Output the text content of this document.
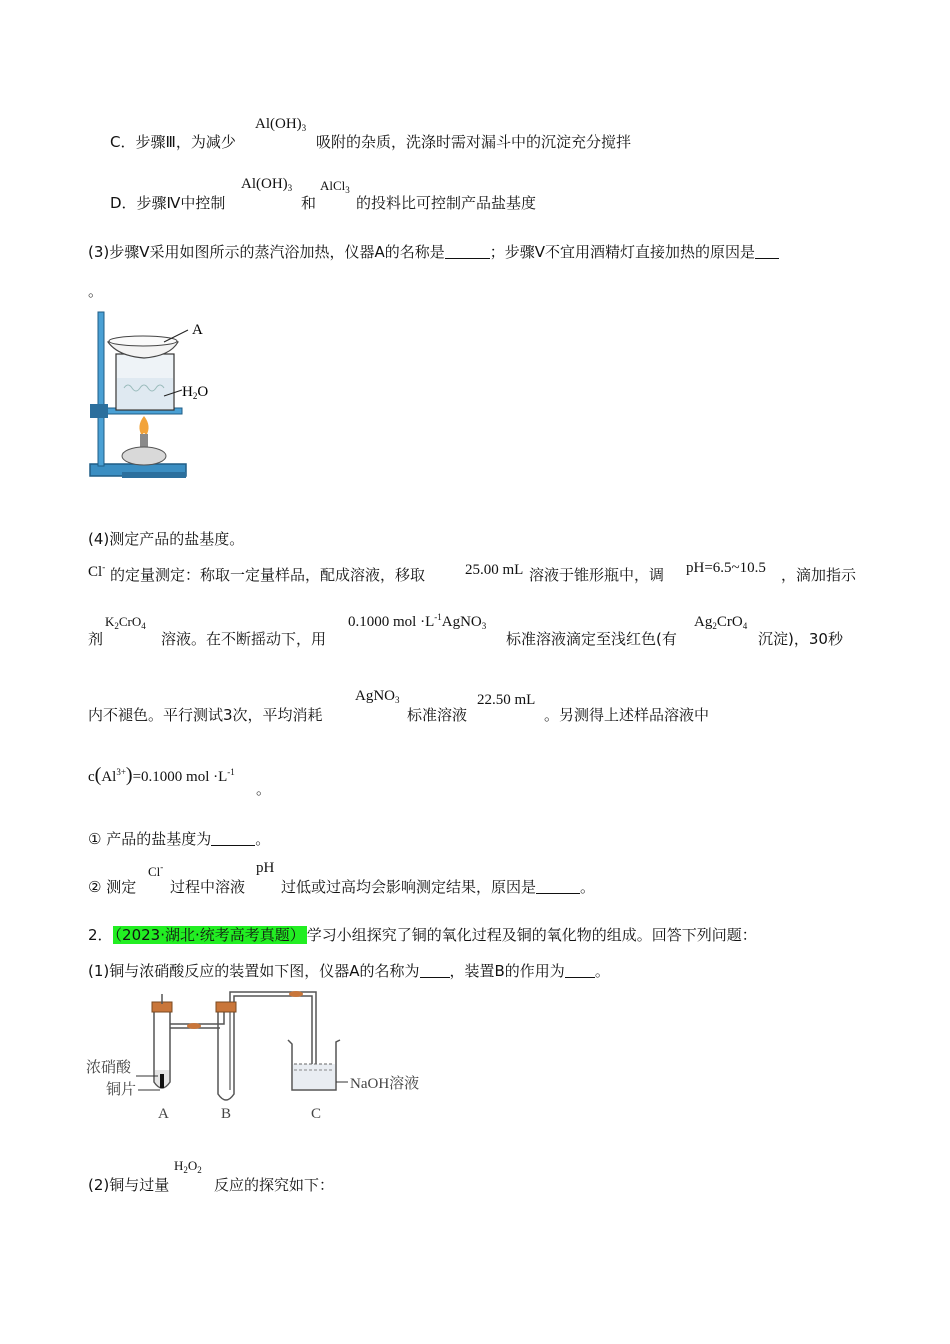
C．步骤Ⅲ，为减少
$Al(OH)_3$
吸附的杂质，洗涤时需对漏斗中的沉淀充分搅拌
D．步骤Ⅳ中控制
$Al(OH)_3$
和
AlCl$_3$
的投料比可控制产品盐基度
(3)步骤Ⅴ采用如图所示的蒸汽浴加热，仪器A的名称是	；步骤Ⅴ不宜用酒精灯直接加热的原因是
。
A
$H_2O$
(4)测定产品的盐基度。
Cl- 的定量测定：称取一定量样品，配成溶液，移取	25.00 mL 溶液于锥形瓶中，调 pH=6.5~10.5 ，滴加指示
剂
$K_2CrO_4$
溶液。在不断摇动下，用
0.1000 mol $\cdot L^{-1}AgNO_3$
标准溶液滴定至浅红色(有
$Ag_2CrO_4$
沉淀)，30秒
内不褪色。平行测试3次，平均消耗
AgNO$_3$
标准溶液
22.50 mL
。另测得上述样品溶液中
$c(Al^{3+})=0.1000$ mol $\cdot L^{-1}$
。
① 产品的盐基度为	。
② 测定
Cl-
过程中溶液
pH
过低或过高均会影响测定结果，原因是	。
2． （2023·湖北·统考高考真题） 学习小组探究了铜的氧化过程及铜的氧化物的组成。回答下列问题：
(1)铜与浓硝酸反应的装置如下图，仪器A的名称为 ，装置B的作用为 。
浓硝酸
铜片	NaOH溶液
A	B	C
(2)铜与过量
$H_2O_2$
反应的探究如下：
